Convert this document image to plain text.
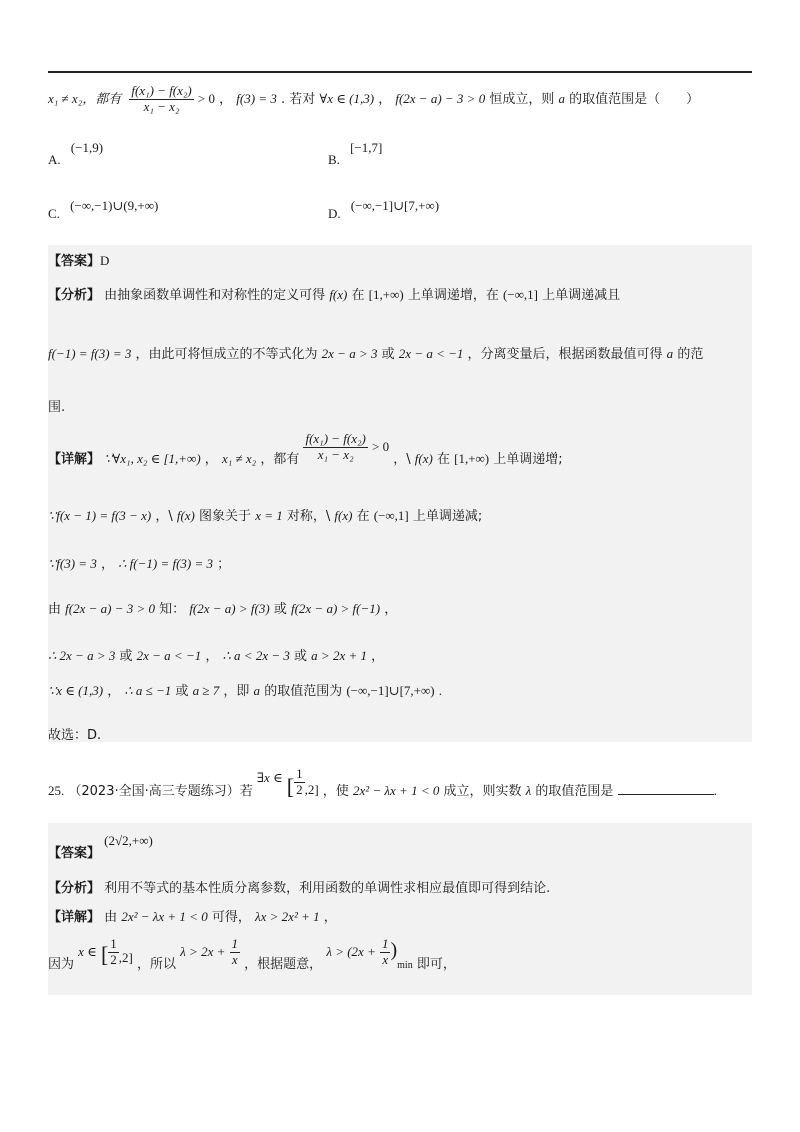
x₁ ≠ x₂，都有 $\frac{\text{f(x₁) − f(x₂)}}{\text{x₁ − x₂}} > 0$ ， f(3) = 3 . 若对 ∀x ∈ (1,3) ， f(2x − a) − 3 > 0 恒成立，则 a 的取值范围是（　　）
A. (−1,9)
B. [−1,7]
C. (−∞,−1)∪(9,+∞)
D. (−∞,−1]∪[7,+∞)
【答案】D
【分析】 由抽象函数单调性和对称性的定义可得 f(x) 在 [1,+∞) 上单调递增，在 (−∞,1] 上单调递减且
f(−1) = f(3) = 3 ，由此可将恒成立的不等式化为 2x − a > 3 或 2x − a < −1 ，分离变量后，根据函数最值可得 a 的范
围.
【详解】 ∵∀x₁, x₂ ∈ [1,+∞) ， x₁ ≠ x₂ ，都有 $\frac{\text{f(x₁) − f(x₂)}}{\text{x₁ − x₂}} > 0$ ，\ f(x) 在 [1,+∞) 上单调递增;
∵f(x − 1) = f(3 − x) ，\ f(x) 图象关于 x = 1 对称，\ f(x) 在 (−∞,1] 上单调递减;
∵f(3) = 3 ， ∴ f(−1) = f(3) = 3 ；
由 f(2x − a) − 3 > 0 知： f(2x − a) > f(3) 或 f(2x − a) > f(−1) ，
∴ 2x − a > 3 或 2x − a < −1 ， ∴ a < 2x − 3 或 a > 2x + 1 ，
∵x ∈ (1,3) ， ∴ a ≤ −1 或 a ≥ 7 ，即 a 的取值范围为 (−∞,−1]∪[7,+∞) .
故选：D.
25. （2023·全国·高三专题练习）若 ∃x ∈ [ $\frac{1}{2} ,2$] ，使 2x² − λx + 1 < 0 成立，则实数 λ 的取值范围是	.
【答案】 (2√2,+∞)
【分析】 利用不等式的基本性质分离参数，利用函数的单调性求相应最值即可得到结论.
【详解】 由 2x² − λx + 1 < 0 可得， λx > 2x² + 1 ，
因为 x ∈ [ $\frac{1}{2} ,2$] ，所以 $\lambda > 2x + \frac{1}{x}$ ，根据题意， $\lambda > (2x + \frac{1}{x} )_{min}$ 即可，
